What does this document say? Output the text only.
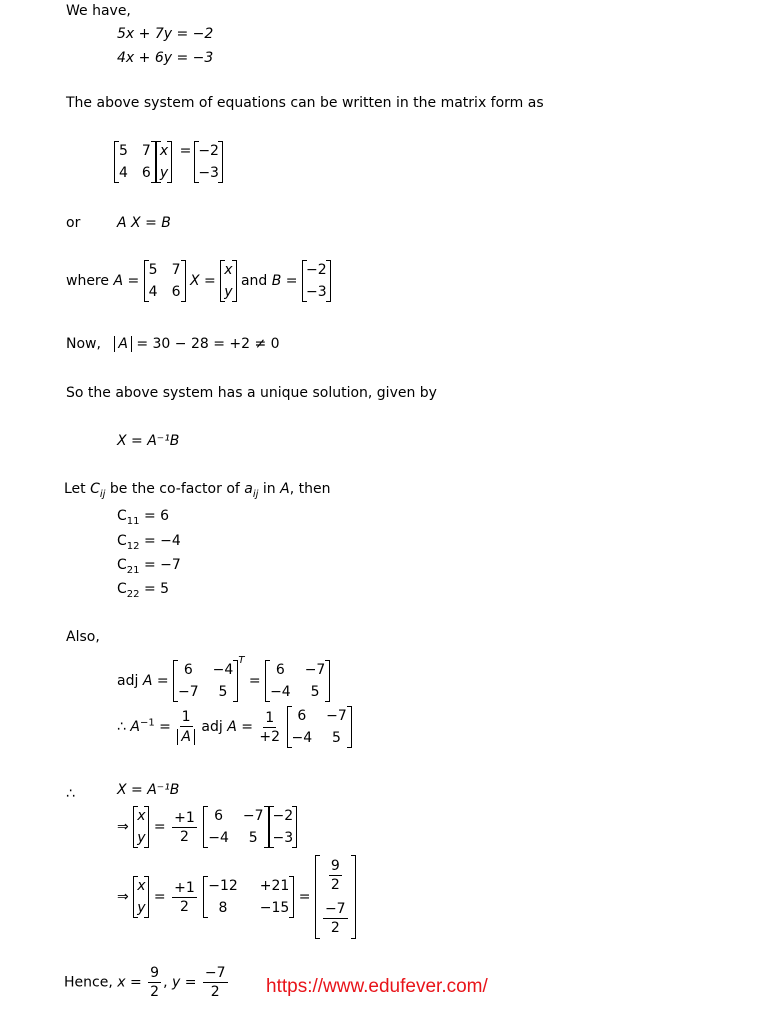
We have,
5x + 7y = −2
4x + 6y = −3
The above system of equations can be written in the matrix form as
5 7
4 6
x
y
= −2
−3
or	A X = B
where A =
5 7
4 6
X =
x
y
and B =
−2
−3
Now, A = 30 − 28 = +2 ≠ 0
So the above system has a unique solution, given by
X = A⁻¹B
Let $C_{ij}$ be the co-factor of $a_{ij}$ in A, then
$C_{11} = 6$
$C_{12} = -4$
$C_{21} = -7$
$C_{22} = 5$
Also,
adj A =
6	−4
−7	5
$^T$ =
6	−7
−4	5
∴ $A^{-1} = \frac{1}{A}$ adj $A = \frac{1}{+2}$
	6	−7
−4	5
∴	X = A⁻¹B
⇒
x
y
= $\frac{+1}{2}$
	6	−7
−4	5
−2
−3
⇒
x
y
= $\frac{+1}{2}$
−12 +21
8	−15
=
$\frac{9}{2}$
$\frac{-7}{2}$
Hence, $x = \frac{9}{2}$ , $y = \frac{-7}{2}$ https://www.edufever.com/
